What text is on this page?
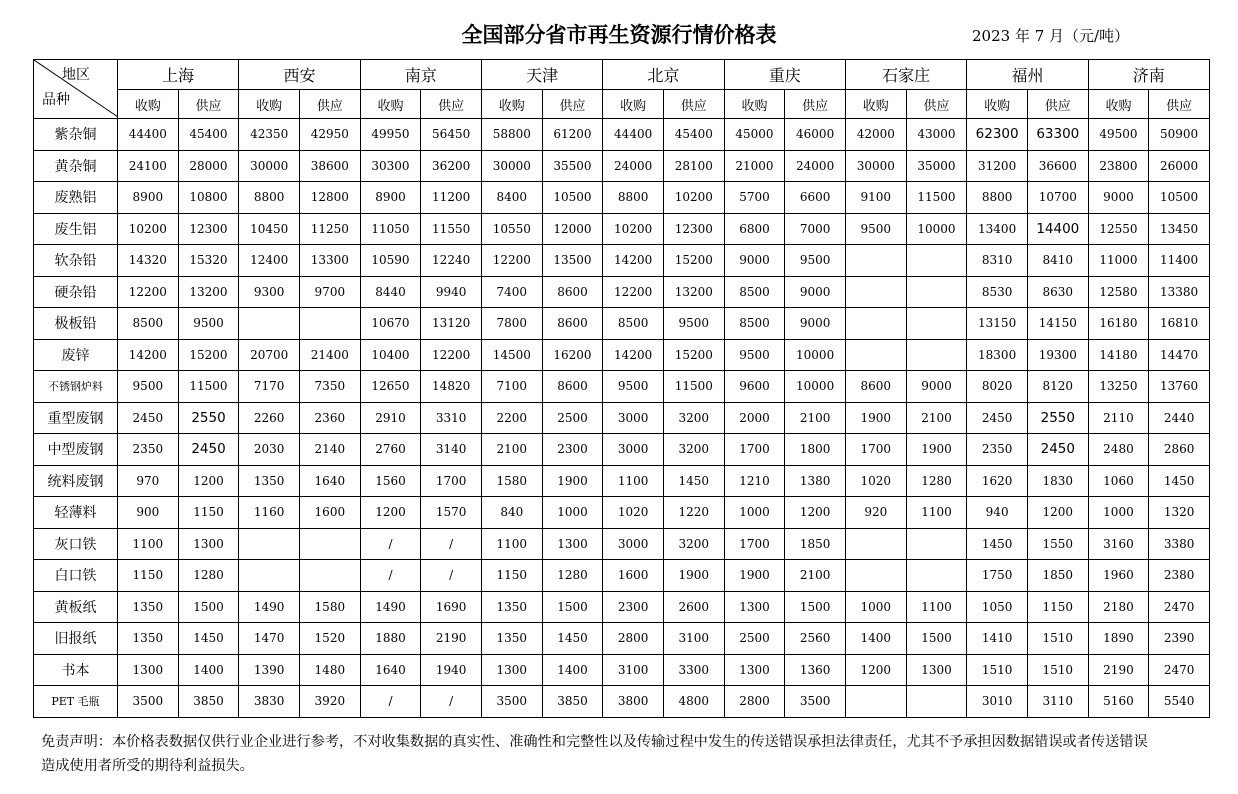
全国部分省市再生资源行情价格表	2023 年 7 月（元/吨）
地区
品种	上海		西安		南京		天津		北京		重庆		石家庄		福州		济南	
	收购	供应	收购	供应	收购	供应	收购	供应	收购	供应	收购	供应	收购	供应	收购	供应	收购	供应
紫杂铜	44400	45400	42350	42950	49950	56450	58800	61200	44400	45400	45000	46000	42000	43000	62300	63300	49500	50900
黄杂铜	24100	28000	30000	38600	30300	36200	30000	35500	24000	28100	21000	24000	30000	35000	31200	36600	23800	26000
废熟铝	8900	10800	8800	12800	8900	11200	8400	10500	8800	10200	5700	6600	9100	11500	8800	10700	9000	10500
废生铝	10200	12300	10450	11250	11050	11550	10550	12000	10200	12300	6800	7000	9500	10000	13400	14400	12550	13450
软杂铅	14320	15320	12400	13300	10590	12240	12200	13500	14200	15200	9000	9500			8310	8410	11000	11400
硬杂铅	12200	13200	9300	9700	8440	9940	7400	8600	12200	13200	8500	9000			8530	8630	12580	13380
极板铅	8500	9500			10670	13120	7800	8600	8500	9500	8500	9000			13150	14150	16180	16810
废锌	14200	15200	20700	21400	10400	12200	14500	16200	14200	15200	9500	10000			18300	19300	14180	14470
不锈钢炉料	9500	11500	7170	7350	12650	14820	7100	8600	9500	11500	9600	10000	8600	9000	8020	8120	13250	13760
重型废钢	2450	2550	2260	2360	2910	3310	2200	2500	3000	3200	2000	2100	1900	2100	2450	2550	2110	2440
中型废钢	2350	2450	2030	2140	2760	3140	2100	2300	3000	3200	1700	1800	1700	1900	2350	2450	2480	2860
统料废钢	970	1200	1350	1640	1560	1700	1580	1900	1100	1450	1210	1380	1020	1280	1620	1830	1060	1450
轻薄料	900	1150	1160	1600	1200	1570	840	1000	1020	1220	1000	1200	920	1100	940	1200	1000	1320
灰口铁	1100	1300			/	/	1100	1300	3000	3200	1700	1850			1450	1550	3160	3380
白口铁	1150	1280			/	/	1150	1280	1600	1900	1900	2100			1750	1850	1960	2380
黄板纸	1350	1500	1490	1580	1490	1690	1350	1500	2300	2600	1300	1500	1000	1100	1050	1150	2180	2470
旧报纸	1350	1450	1470	1520	1880	2190	1350	1450	2800	3100	2500	2560	1400	1500	1410	1510	1890	2390
书本	1300	1400	1390	1480	1640	1940	1300	1400	3100	3300	1300	1360	1200	1300	1510	1510	2190	2470
PET 毛瓶	3500	3850	3830	3920	/	/	3500	3850	3800	4800	2800	3500			3010	3110	5160	5540
免责声明：本价格表数据仅供行业企业进行参考，不对收集数据的真实性、准确性和完整性以及传输过程中发生的传送错误承担法律责任，尤其不予承担因数据错误或者传送错误
造成使用者所受的期待利益损失。
